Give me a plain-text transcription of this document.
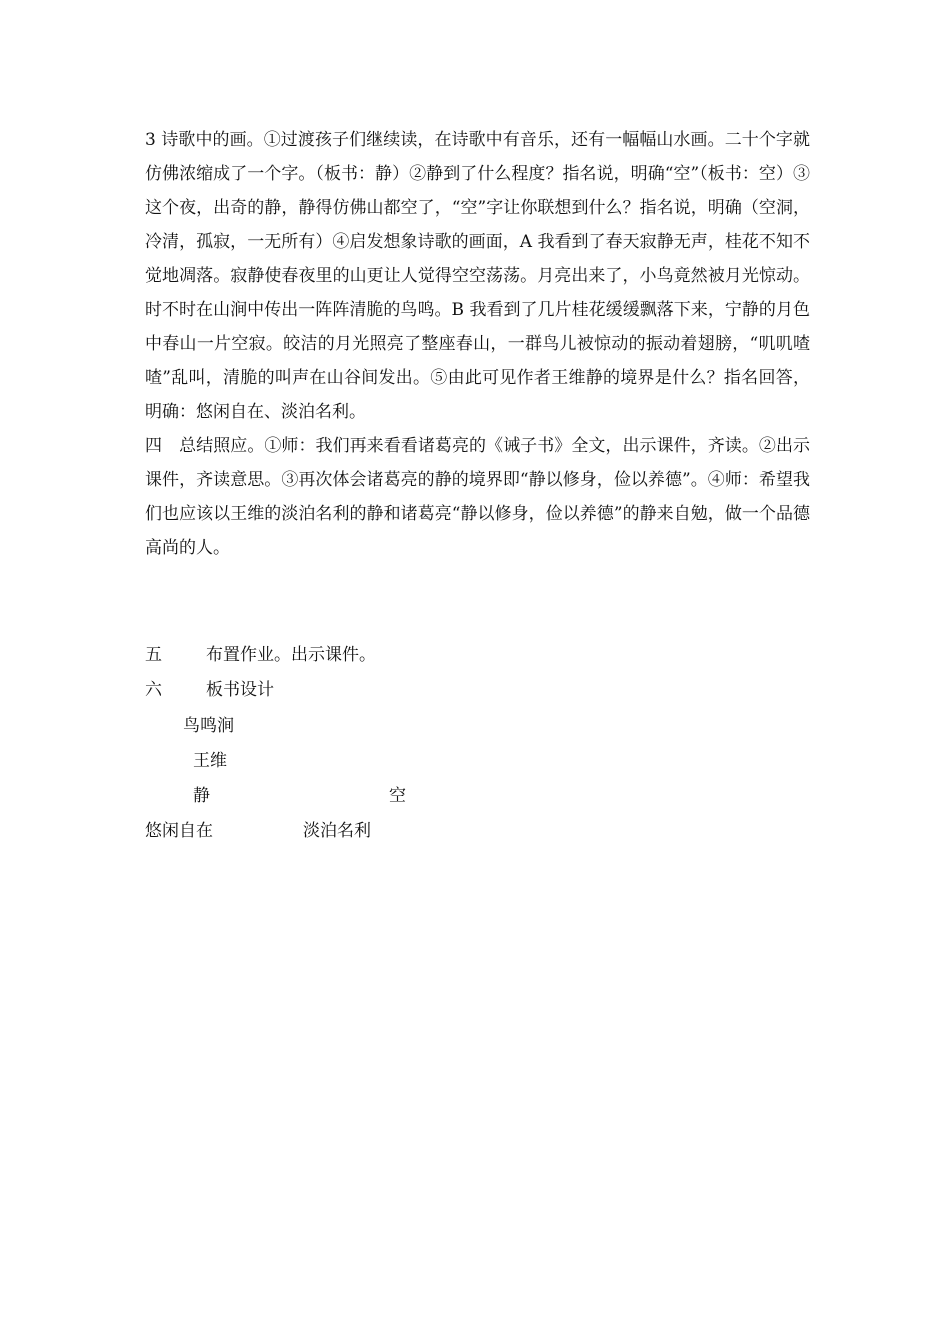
3 诗歌中的画。①过渡孩子们继续读，在诗歌中有音乐，还有一幅幅山水画。二十个字就仿佛浓缩成了一个字。（板书：静）②静到了什么程度？指名说，明确“空”（板书：空）③这个夜，出奇的静，静得仿佛山都空了，“空”字让你联想到什么？指名说，明确（空洞，冷清，孤寂，一无所有）④启发想象诗歌的画面，A 我看到了春天寂静无声，桂花不知不觉地凋落。寂静使春夜里的山更让人觉得空空荡荡。月亮出来了，小鸟竟然被月光惊动。时不时在山涧中传出一阵阵清脆的鸟鸣。B 我看到了几片桂花缓缓飘落下来，宁静的月色中春山一片空寂。皎洁的月光照亮了整座春山，一群鸟儿被惊动的振动着翅膀，“叽叽喳喳”乱叫，清脆的叫声在山谷间发出。⑤由此可见作者王维静的境界是什么？指名回答，明确：悠闲自在、淡泊名利。

四　总结照应。①师：我们再来看看诸葛亮的《诫子书》全文，出示课件，齐读。②出示课件，齐读意思。③再次体会诸葛亮的静的境界即“静以修身，俭以养德”。④师：希望我们也应该以王维的淡泊名利的静和诸葛亮“静以修身，俭以养德”的静来自勉，做一个品德高尚的人。

五	布置作业。出示课件。
六	板书设计
鸟鸣涧
王维
静	空
悠闲自在	淡泊名利
